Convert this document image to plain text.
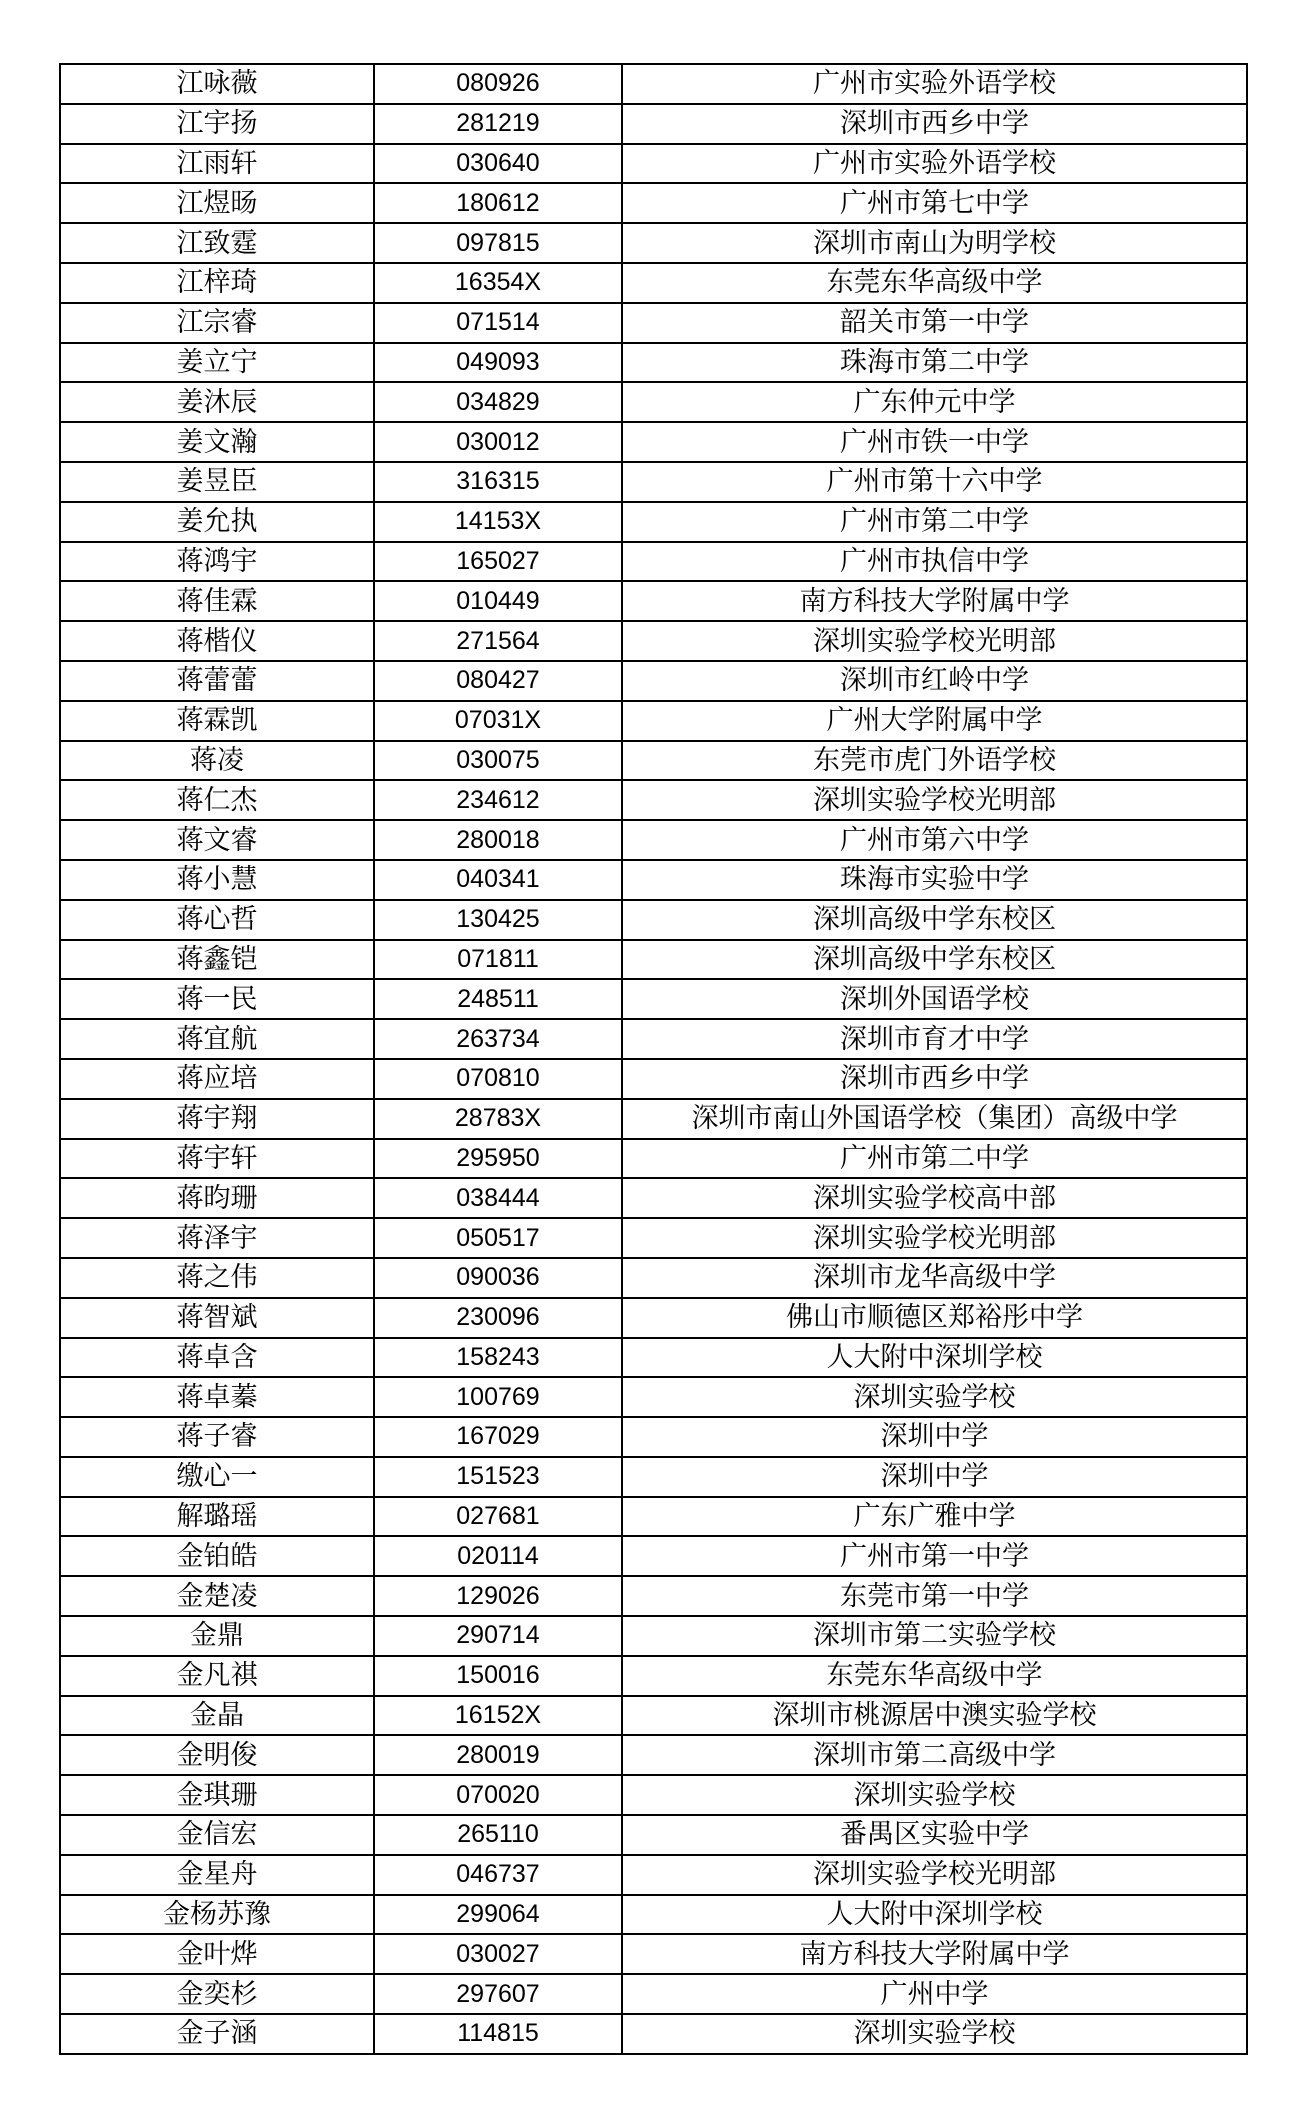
江咏薇	080926	广州市实验外语学校
江宇扬	281219	深圳市西乡中学
江雨轩	030640	广州市实验外语学校
江煜旸	180612	广州市第七中学
江致霆	097815	深圳市南山为明学校
江梓琦	16354X	东莞东华高级中学
江宗睿	071514	韶关市第一中学
姜立宁	049093	珠海市第二中学
姜沐辰	034829	广东仲元中学
姜文瀚	030012	广州市铁一中学
姜昱臣	316315	广州市第十六中学
姜允执	14153X	广州市第二中学
蒋鸿宇	165027	广州市执信中学
蒋佳霖	010449	南方科技大学附属中学
蒋楷仪	271564	深圳实验学校光明部
蒋蕾蕾	080427	深圳市红岭中学
蒋霖凯	07031X	广州大学附属中学
蒋凌	030075	东莞市虎门外语学校
蒋仁杰	234612	深圳实验学校光明部
蒋文睿	280018	广州市第六中学
蒋小慧	040341	珠海市实验中学
蒋心哲	130425	深圳高级中学东校区
蒋鑫铠	071811	深圳高级中学东校区
蒋一民	248511	深圳外国语学校
蒋宜航	263734	深圳市育才中学
蒋应培	070810	深圳市西乡中学
蒋宇翔	28783X	深圳市南山外国语学校（集团）高级中学
蒋宇轩	295950	广州市第二中学
蒋昀珊	038444	深圳实验学校高中部
蒋泽宇	050517	深圳实验学校光明部
蒋之伟	090036	深圳市龙华高级中学
蒋智斌	230096	佛山市顺德区郑裕彤中学
蒋卓含	158243	人大附中深圳学校
蒋卓蓁	100769	深圳实验学校
蒋子睿	167029	深圳中学
缴心一	151523	深圳中学
解璐瑶	027681	广东广雅中学
金铂皓	020114	广州市第一中学
金楚凌	129026	东莞市第一中学
金鼎	290714	深圳市第二实验学校
金凡祺	150016	东莞东华高级中学
金晶	16152X	深圳市桃源居中澳实验学校
金明俊	280019	深圳市第二高级中学
金琪珊	070020	深圳实验学校
金信宏	265110	番禺区实验中学
金星舟	046737	深圳实验学校光明部
金杨苏豫	299064	人大附中深圳学校
金叶烨	030027	南方科技大学附属中学
金奕杉	297607	广州中学
金子涵	114815	深圳实验学校
